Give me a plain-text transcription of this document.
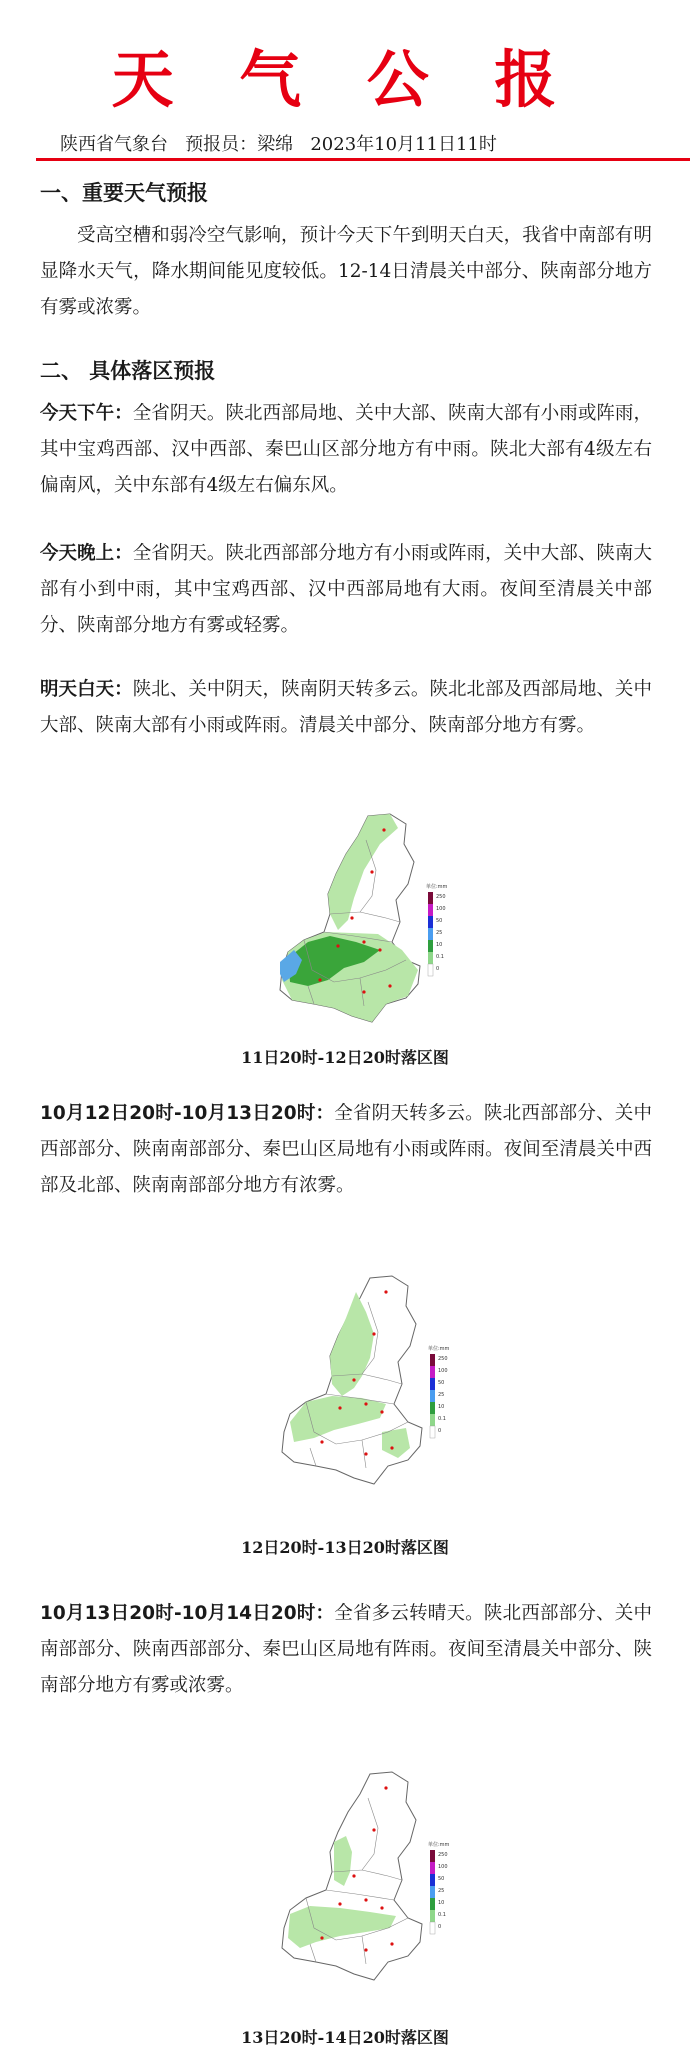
天 气 公 报
陕西省气象台 预报员：梁绵 2023年10月11日11时
一、重要天气预报
受高空槽和弱冷空气影响，预计今天下午到明天白天，我省中南部有明显降水天气，降水期间能见度较低。12-14日清晨关中部分、陕南部分地方有雾或浓雾。
二、 具体落区预报
今天下午：全省阴天。陕北西部局地、关中大部、陕南大部有小雨或阵雨，其中宝鸡西部、汉中西部、秦巴山区部分地方有中雨。陕北大部有4级左右偏南风，关中东部有4级左右偏东风。
今天晚上：全省阴天。陕北西部部分地方有小雨或阵雨，关中大部、陕南大部有小到中雨，其中宝鸡西部、汉中西部局地有大雨。夜间至清晨关中部分、陕南部分地方有雾或轻雾。
明天白天：陕北、关中阴天，陕南阴天转多云。陕北北部及西部局地、关中大部、陕南大部有小雨或阵雨。清晨关中部分、陕南部分地方有雾。
单位:mm
250
100
50
25
10
0.1
0
11日20时-12日20时落区图
10月12日20时-10月13日20时：全省阴天转多云。陕北西部部分、关中西部部分、陕南南部部分、秦巴山区局地有小雨或阵雨。夜间至清晨关中西部及北部、陕南南部部分地方有浓雾。
单位:mm
250
100
50
25
10
0.1
0
12日20时-13日20时落区图
10月13日20时-10月14日20时：全省多云转晴天。陕北西部部分、关中南部部分、陕南西部部分、秦巴山区局地有阵雨。夜间至清晨关中部分、陕南部分地方有雾或浓雾。
单位:mm
250
100
50
25
10
0.1
0
13日20时-14日20时落区图
